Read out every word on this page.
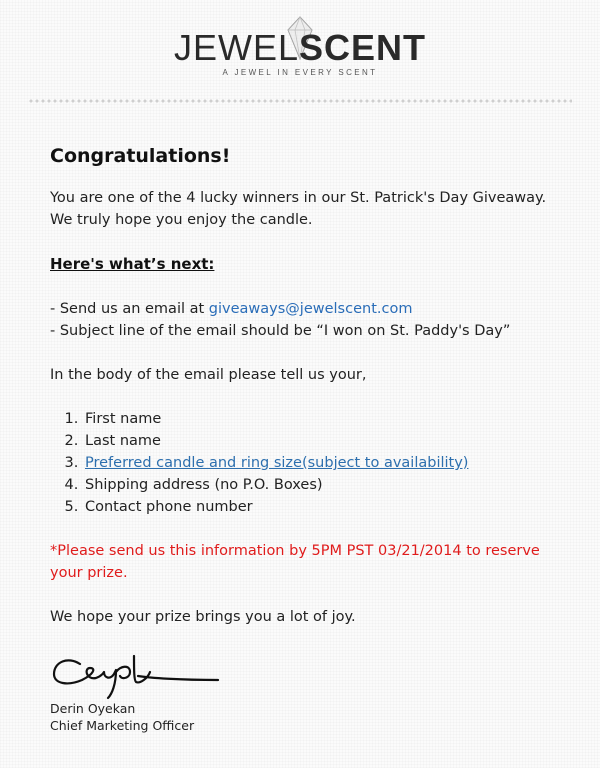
JEWELSCENT
A JEWEL IN EVERY SCENT
Congratulations!

You are one of the 4 lucky winners in our St. Patrick's Day Giveaway.

We truly hope you enjoy the candle.

Here's what’s next:

- Send us an email at giveaways@jewelscent.com

- Subject line of the email should be “I won on St. Paddy's Day”

In the body of the email please tell us your,

1. First name
2. Last name
3. Preferred candle and ring size(subject to availability)
4. Shipping address (no P.O. Boxes)
5. Contact phone number

*Please send us this information by 5PM PST 03/21/2014 to reserve your prize.

We hope your prize brings you a lot of joy.

Derin Oyekan
Chief Marketing Officer
